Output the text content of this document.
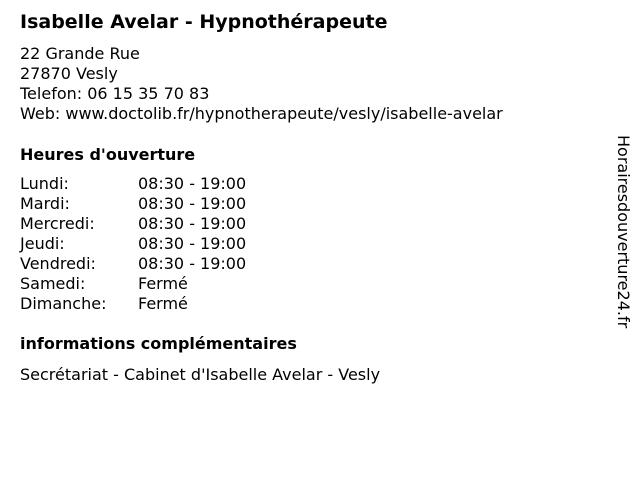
Isabelle Avelar - Hypnothérapeute
22 Grande Rue
27870 Vesly
Telefon: 06 15 35 70 83
Web: www.doctolib.fr/hypnotherapeute/vesly/isabelle-avelar
Heures d'ouverture
Lundi:	08:30 - 19:00
Mardi:	08:30 - 19:00
Mercredi:	08:30 - 19:00
Jeudi:	08:30 - 19:00
Vendredi:	08:30 - 19:00
Samedi:	Fermé
Dimanche: Fermé
informations complémentaires
Secrétariat - Cabinet d'Isabelle Avelar - Vesly
Horairesdouverture24.fr
